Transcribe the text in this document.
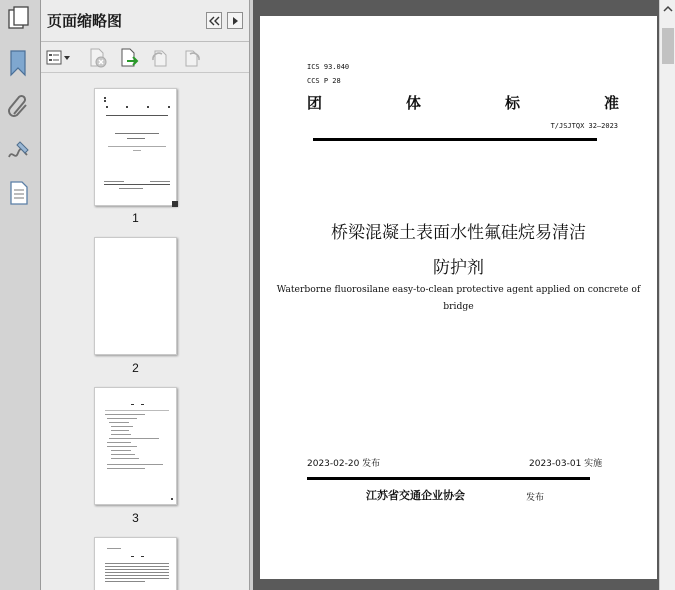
页面缩略图
1
2
3
ICS 93.040
CCS P 28
团	体	标	准
T/JSJTQX 32—2023
桥梁混凝土表面水性氟硅烷易清洁
防护剂
Waterborne fluorosilane easy-to-clean protective agent applied on concrete of
bridge
2023-02-20 发布	2023-03-01 实施
江苏省交通企业协会	发布
